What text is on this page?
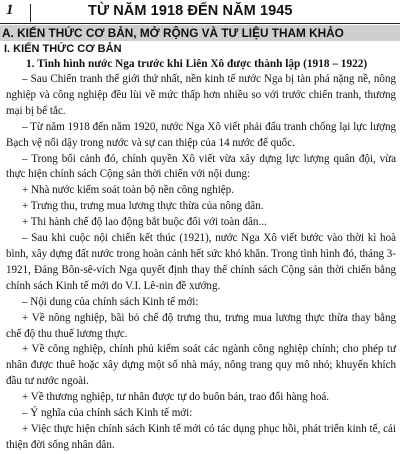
1	TỪ NĂM 1918 ĐẾN NĂM 1945
A. KIẾN THỨC CƠ BẢN, MỞ RỘNG VÀ TƯ LIỆU THAM KHẢO
I. KIẾN THỨC CƠ BẢN
1. Tình hình nước Nga trước khi Liên Xô được thành lập (1918 – 1922)

– Sau Chiến tranh thế giới thứ nhất, nền kinh tế nước Nga bị tàn phá nặng nề, nông nghiệp và công nghiệp đều lùi về mức thấp hơn nhiều so với trước chiến tranh, thương mại bị bế tắc.

– Từ năm 1918 đến năm 1920, nước Nga Xô viết phải đấu tranh chống lại lực lượng Bạch vệ nổi dậy trong nước và sự can thiệp của 14 nước đế quốc.

– Trong bối cảnh đó, chính quyền Xô viết vừa xây dựng lực lượng quân đội, vừa thực hiện chính sách Cộng sản thời chiến với nội dung:

+ Nhà nước kiểm soát toàn bộ nền công nghiệp.

+ Trưng thu, trưng mua lương thực thừa của nông dân.

+ Thi hành chế độ lao động bắt buộc đối với toàn dân...

– Sau khi cuộc nội chiến kết thúc (1921), nước Nga Xô viết bước vào thời kì hoà bình, xây dựng đất nước trong hoàn cảnh hết sức khó khăn. Trong tình hình đó, tháng 3-1921, Đảng Bôn-sê-vích Nga quyết định thay thế chính sách Cộng sản thời chiến bằng chính sách Kinh tế mới do V.I. Lê-nin đề xướng.

– Nội dung của chính sách Kinh tế mới:

+ Về nông nghiệp, bãi bỏ chế độ trưng thu, trưng mua lương thực thừa thay bằng chế độ thu thuế lương thực.

+ Về công nghiệp, chính phủ kiểm soát các ngành công nghiệp chính; cho phép tư nhân được thuê hoặc xây dựng một số nhà máy, nông trang quy mô nhỏ; khuyến khích đầu tư nước ngoài.

+ Về thương nghiệp, tư nhân được tự do buôn bán, trao đổi hàng hoá.

– Ý nghĩa của chính sách Kinh tế mới:

+ Việc thực hiện chính sách Kinh tế mới có tác dụng phục hồi, phát triển kinh tế, cải thiện đời sống nhân dân.
